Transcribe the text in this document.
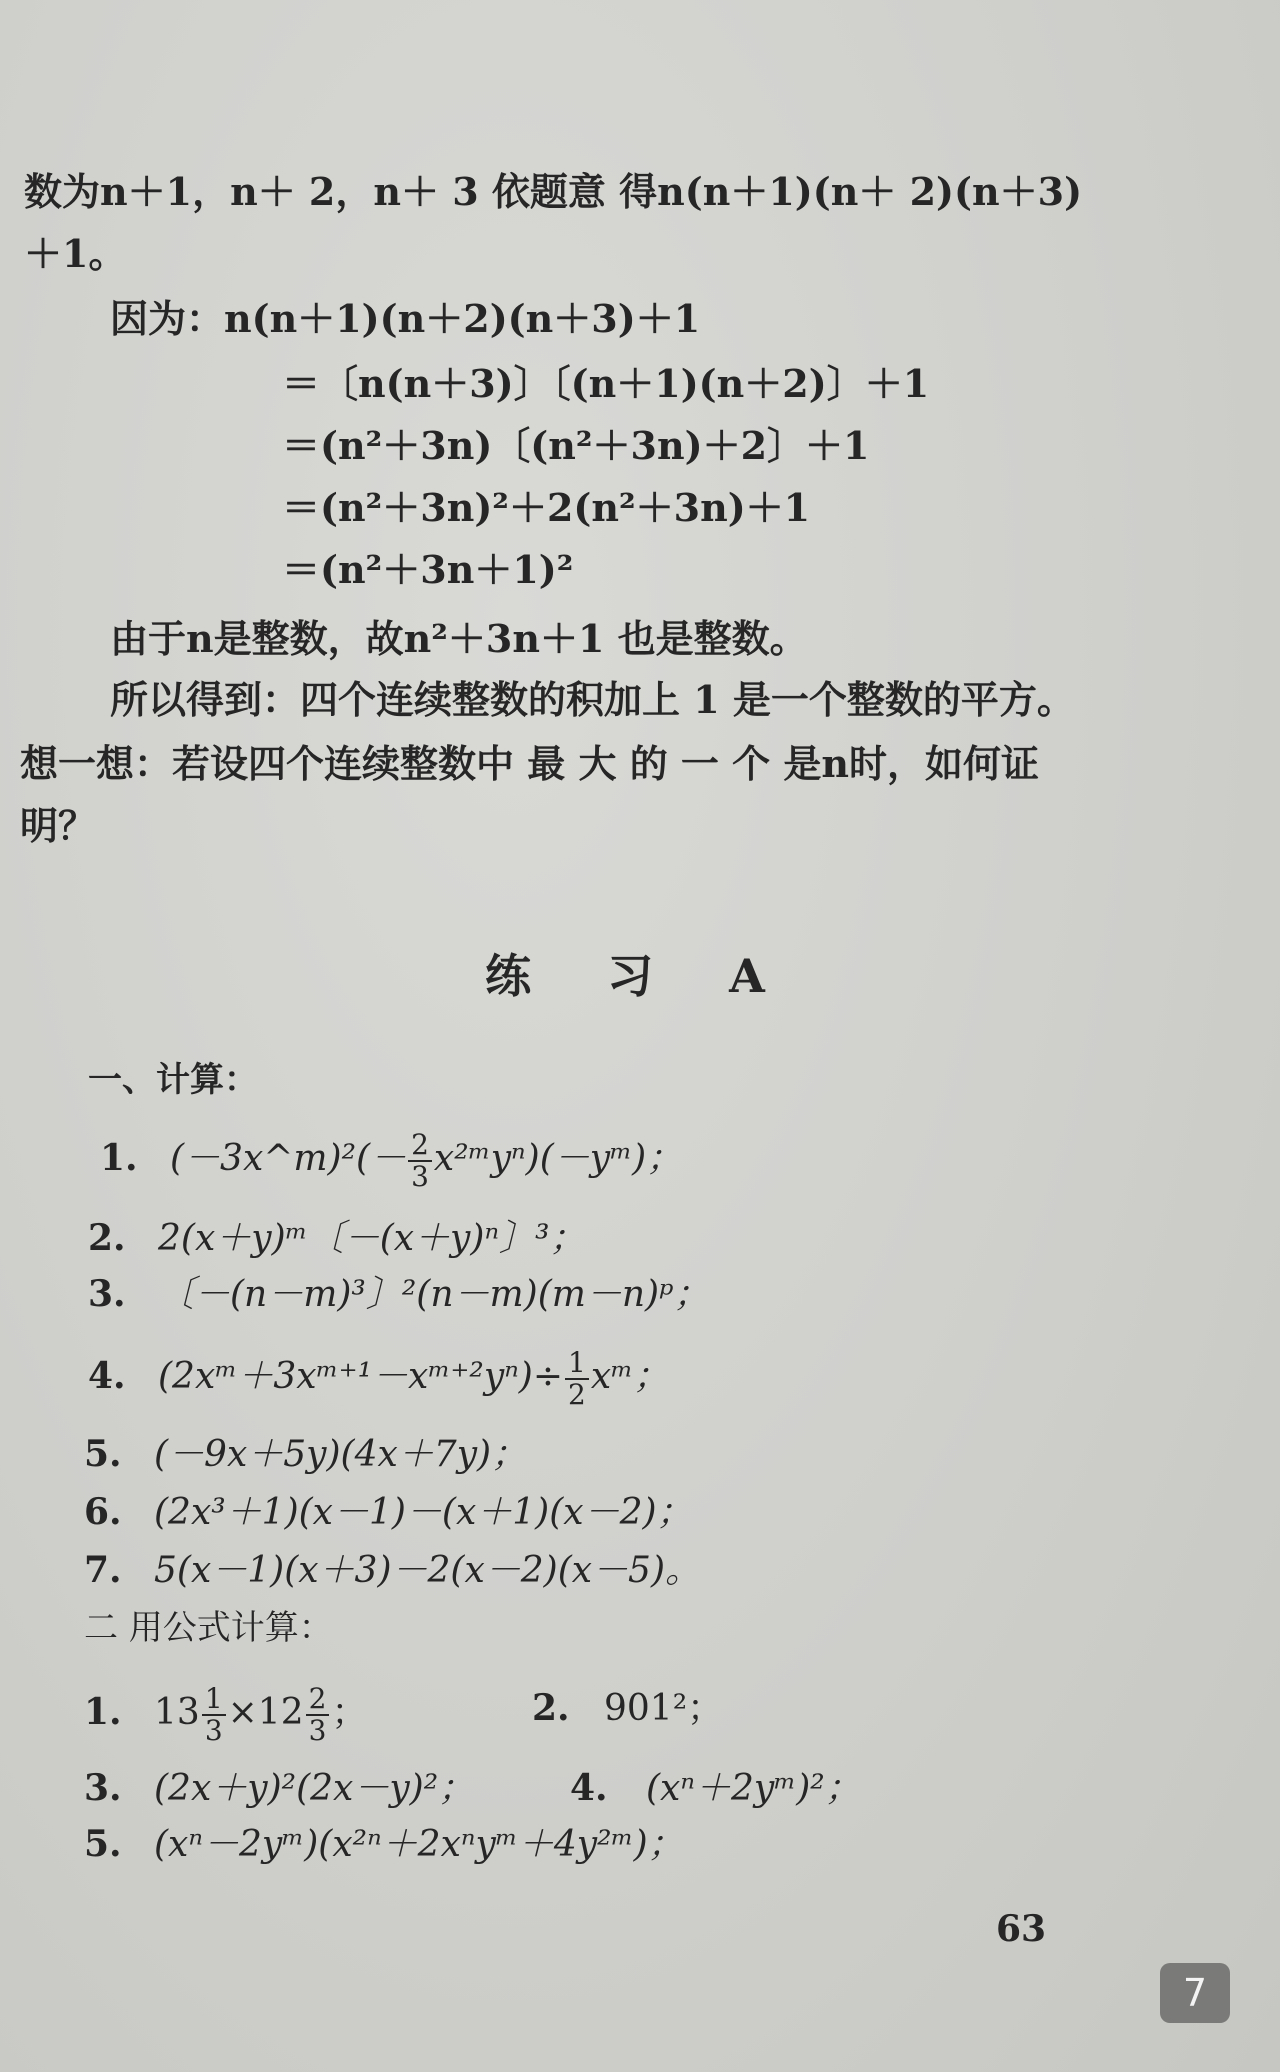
数为n＋1，n＋ 2，n＋ 3 依题意 得n(n＋1)(n＋ 2)(n＋3)
＋1。
因为：n(n＋1)(n＋2)(n＋3)＋1
＝〔n(n＋3)〕〔(n＋1)(n＋2)〕＋1
＝(n²＋3n)〔(n²＋3n)＋2〕＋1
＝(n²＋3n)²＋2(n²＋3n)＋1
＝(n²＋3n＋1)²
由于n是整数，故n²＋3n＋1 也是整数。
所以得到：四个连续整数的积加上 1 是一个整数的平方。
想一想：若设四个连续整数中 最 大 的 一 个 是n时，如何证
明？
练 习 A
一、计算：
1. (－3x^m)²(－ $\frac{2}{3}$ x²ᵐyⁿ)(－yᵐ)；
2. 2(x＋y)ᵐ〔－(x＋y)ⁿ〕³；
3. 〔－(n－m)³〕²(n－m)(m－n)ᵖ；
4. (2xᵐ＋3xᵐ⁺¹－xᵐ⁺²yⁿ)÷ $\frac{1}{2}$ xᵐ；
5. (－9x＋5y)(4x＋7y)；
6. (2x³＋1)(x－1)－(x＋1)(x－2)；
7. 5(x－1)(x＋3)－2(x－2)(x－5)。
二 用公式计算：
1. $13 \frac{1}{3} \times 12 \frac{2}{3}$ ；	2. 901²；
3. (2x＋y)²(2x－y)²；	4. (xⁿ＋2yᵐ)²；
5. (xⁿ－2yᵐ)(x²ⁿ＋2xⁿyᵐ＋4y²ᵐ)；
63
7
